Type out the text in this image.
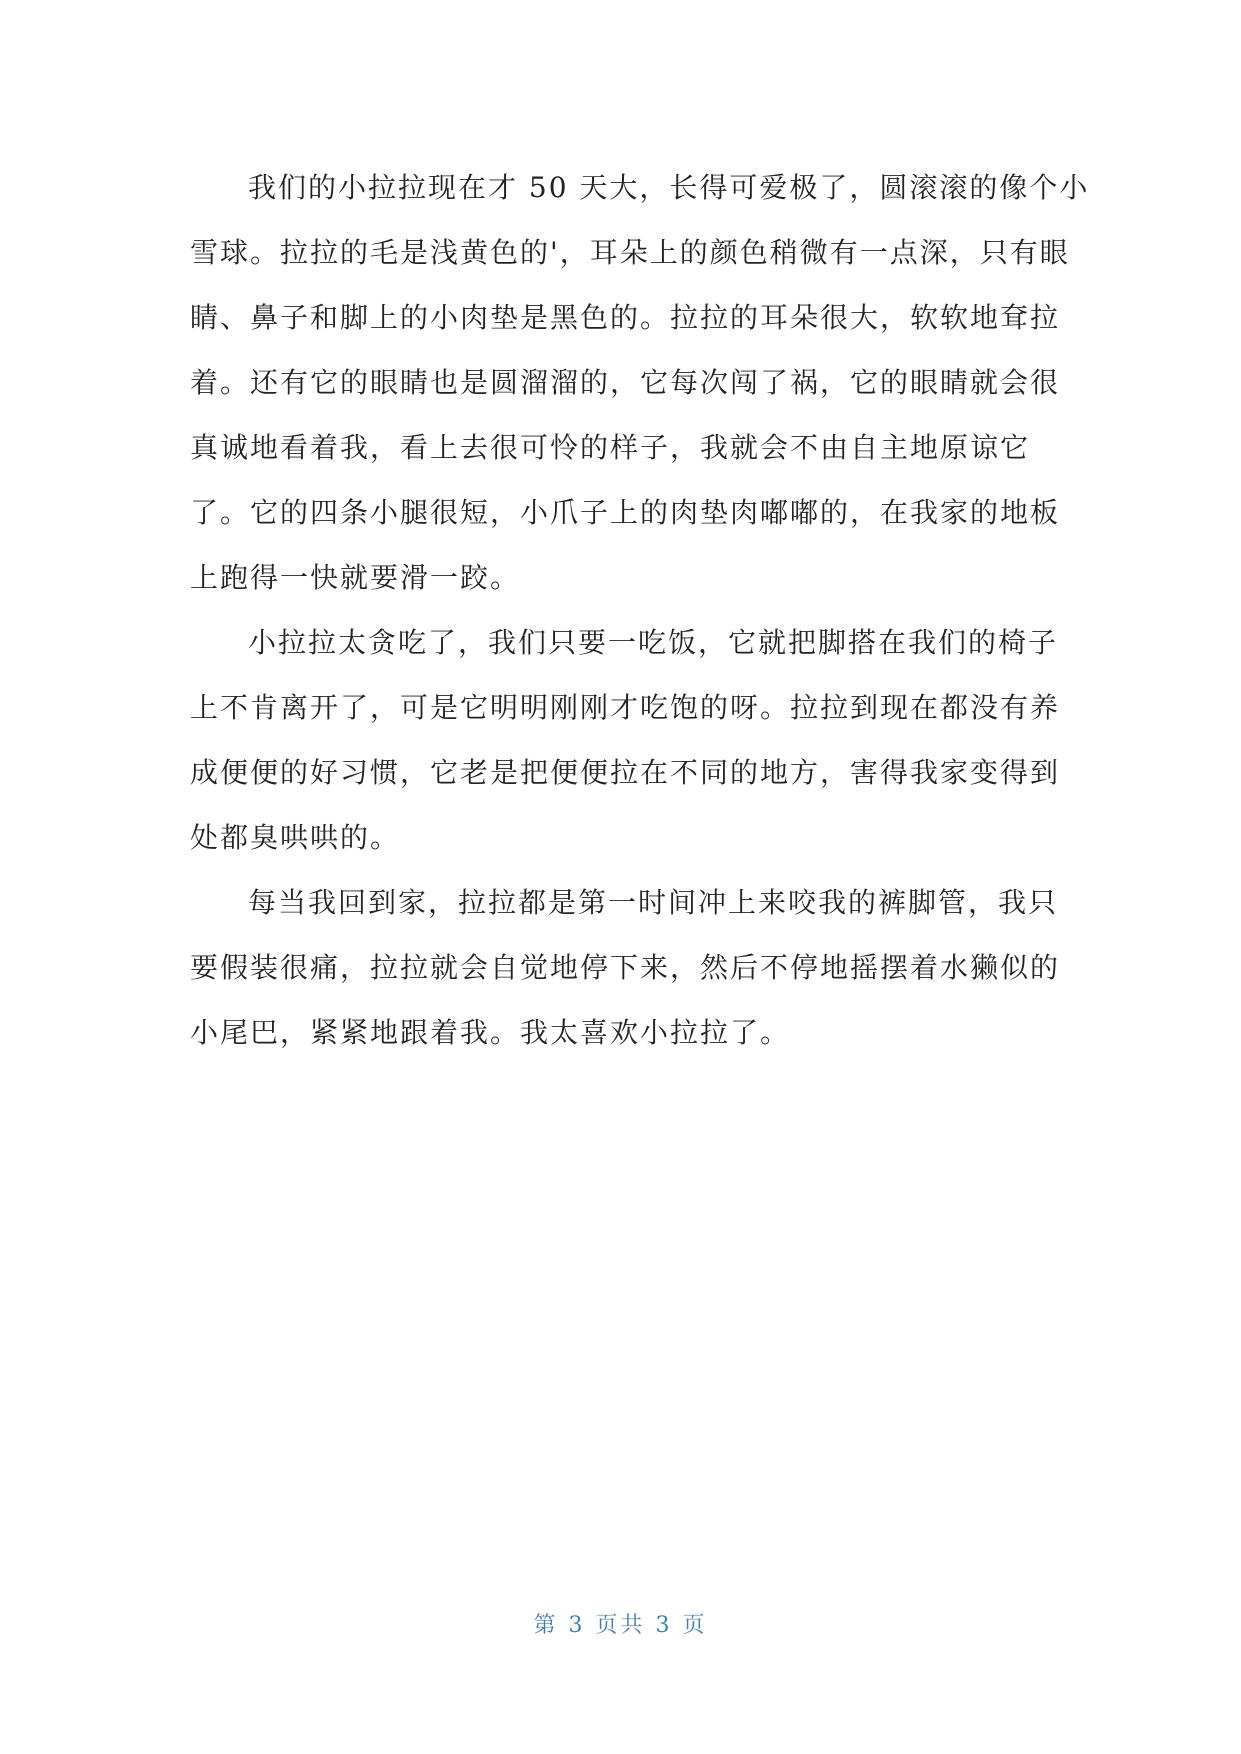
我们的小拉拉现在才 50 天大，长得可爱极了，圆滚滚的像个小
雪球。拉拉的毛是浅黄色的'，耳朵上的颜色稍微有一点深，只有眼
睛、鼻子和脚上的小肉垫是黑色的。拉拉的耳朵很大，软软地耷拉
着。还有它的眼睛也是圆溜溜的，它每次闯了祸，它的眼睛就会很
真诚地看着我，看上去很可怜的样子，我就会不由自主地原谅它
了。它的四条小腿很短，小爪子上的肉垫肉嘟嘟的，在我家的地板
上跑得一快就要滑一跤。
小拉拉太贪吃了，我们只要一吃饭，它就把脚搭在我们的椅子
上不肯离开了，可是它明明刚刚才吃饱的呀。拉拉到现在都没有养
成便便的好习惯，它老是把便便拉在不同的地方，害得我家变得到
处都臭哄哄的。
每当我回到家，拉拉都是第一时间冲上来咬我的裤脚管，我只
要假装很痛，拉拉就会自觉地停下来，然后不停地摇摆着水獭似的
小尾巴，紧紧地跟着我。我太喜欢小拉拉了。
第 3 页共 3 页
